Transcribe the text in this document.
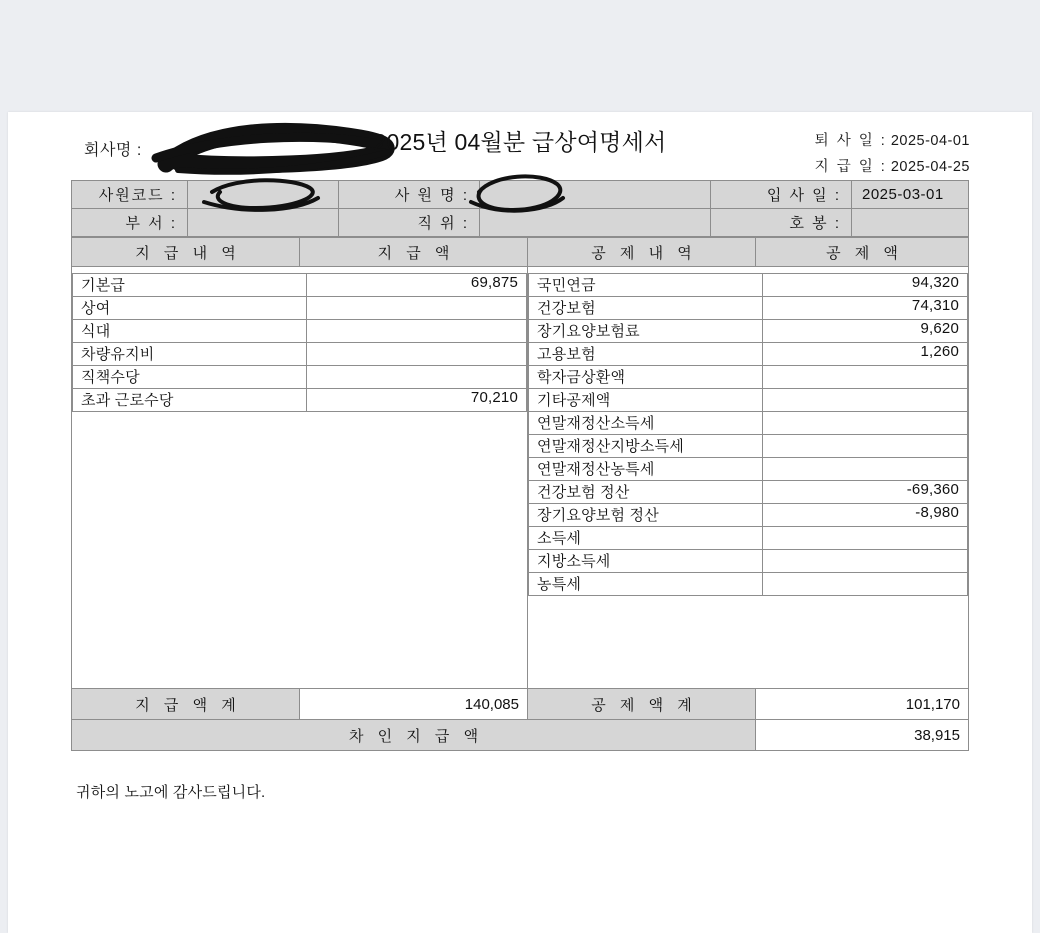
회사명 :	2025년 04월분 급상여명세서	퇴 사 일 : 2025-04-01
지 급 일 : 2025-04-25
사원코드 :		사 원 명 :		입 사 일 :	2025-03-01
부 서 :		직 위 :		호 봉 :	
지 급 내 역	지 급 액	공 제 내 역	공 제 액

기본급	69,875
상여	
식대	
차량유지비	
직책수당	
초과 근로수당	70,210

국민연금	94,320
건강보험	74,310
장기요양보험료	9,620
고용보험	1,260
학자금상환액	
기타공제액	
연말재정산소득세	
연말재정산지방소득세	
연말재정산농특세	
건강보험 정산	-69,360
장기요양보험 정산	-8,980
소득세	
지방소득세	
농특세	

지 급 액 계	140,085	공 제 액 계	101,170
차 인 지 급 액	38,915
귀하의 노고에 감사드립니다.
